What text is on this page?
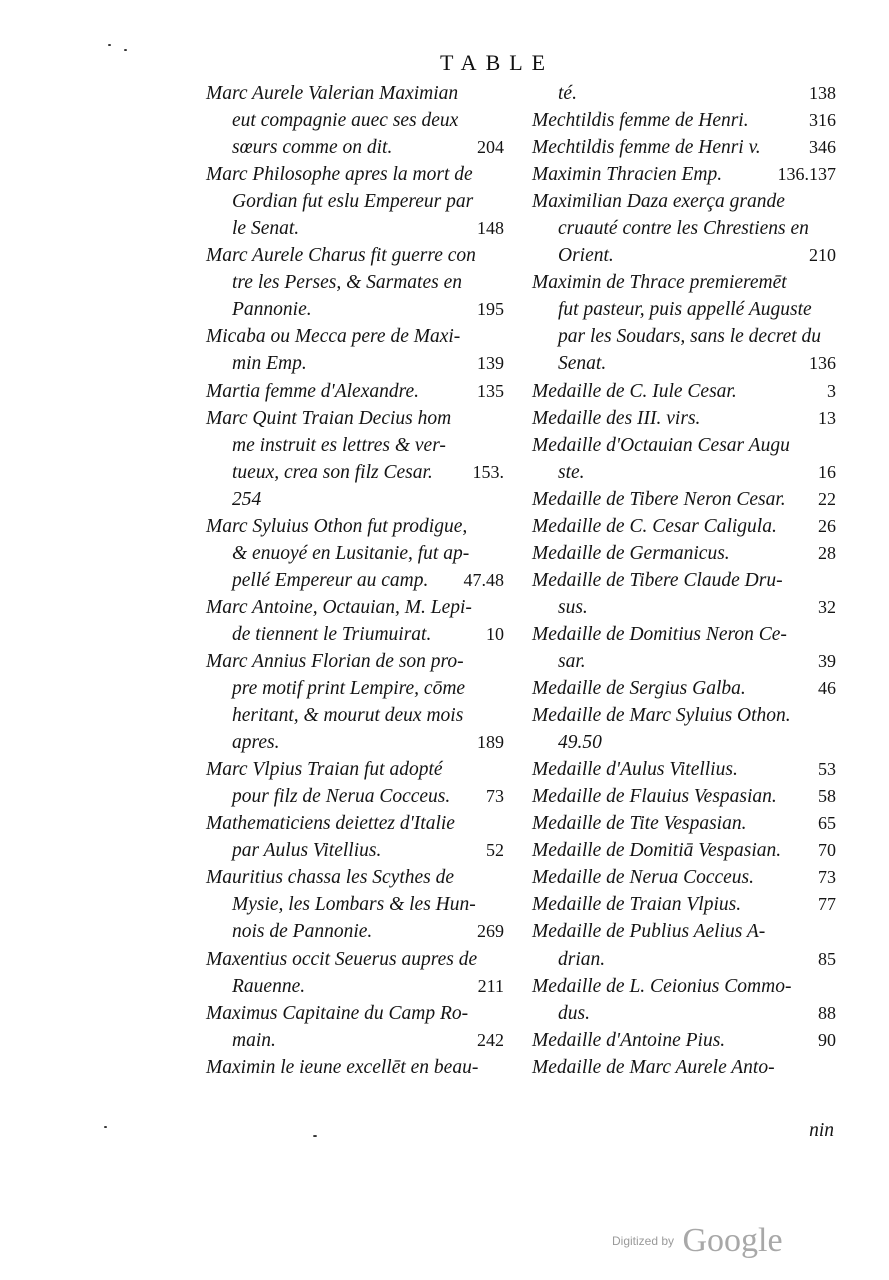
TABLE
Marc Aurele Valerian Maximian
eut compagnie auec ses deux
sœurs comme on dit.	204
Marc Philosophe apres la mort de
Gordian fut eslu Empereur par
le Senat.	148
Marc Aurele Charus fit guerre con
tre les Perses, & Sarmates en
Pannonie.	195
Micaba ou Mecca pere de Maxi-
min Emp.	139
Martia femme d'Alexandre.	135
Marc Quint Traian Decius hom
me instruit es lettres & ver-
tueux, crea son filz Cesar. 153.
254
Marc Syluius Othon fut prodigue,
& enuoyé en Lusitanie, fut ap-
pellé Empereur au camp. 47.48
Marc Antoine, Octauian, M. Lepi-
de tiennent le Triumuirat.	10
Marc Annius Florian de son pro-
pre motif print Lempire, cōme
heritant, & mourut deux mois
apres.	189
Marc Vlpius Traian fut adopté
pour filz de Nerua Cocceus. 73
Mathematiciens deiettez d'Italie
par Aulus Vitellius.	52
Mauritius chassa les Scythes de
Mysie, les Lombars & les Hun-
nois de Pannonie.	269
Maxentius occit Seuerus aupres de
Rauenne.	211
Maximus Capitaine du Camp Ro-
main.	242
Maximin le ieune excellēt en beau-
té.	138
Mechtildis femme de Henri.	316
Mechtildis femme de Henri v.	346
Maximin Thracien Emp.	136.137
Maximilian Daza exerça grande
cruauté contre les Chrestiens en
Orient.	210
Maximin de Thrace premieremēt
fut pasteur, puis appellé Auguste
par les Soudars, sans le decret du
Senat.	136
Medaille de C. Iule Cesar.	3
Medaille des III. virs.	13
Medaille d'Octauian Cesar Augu
ste.	16
Medaille de Tibere Neron Cesar. 22
Medaille de C. Cesar Caligula. 26
Medaille de Germanicus.	28
Medaille de Tibere Claude Dru-
sus.	32
Medaille de Domitius Neron Ce-
sar.	39
Medaille de Sergius Galba.	46
Medaille de Marc Syluius Othon.
49.50
Medaille d'Aulus Vitellius.	53
Medaille de Flauius Vespasian. 58
Medaille de Tite Vespasian.	65
Medaille de Domitiā Vespasian. 70
Medaille de Nerua Cocceus.	73
Medaille de Traian Vlpius.	77
Medaille de Publius Aelius A-
drian.	85
Medaille de L. Ceionius Commo-
dus.	88
Medaille d'Antoine Pius.	90
Medaille de Marc Aurele Anto-
nin
$^{Digitized by}$ Google
